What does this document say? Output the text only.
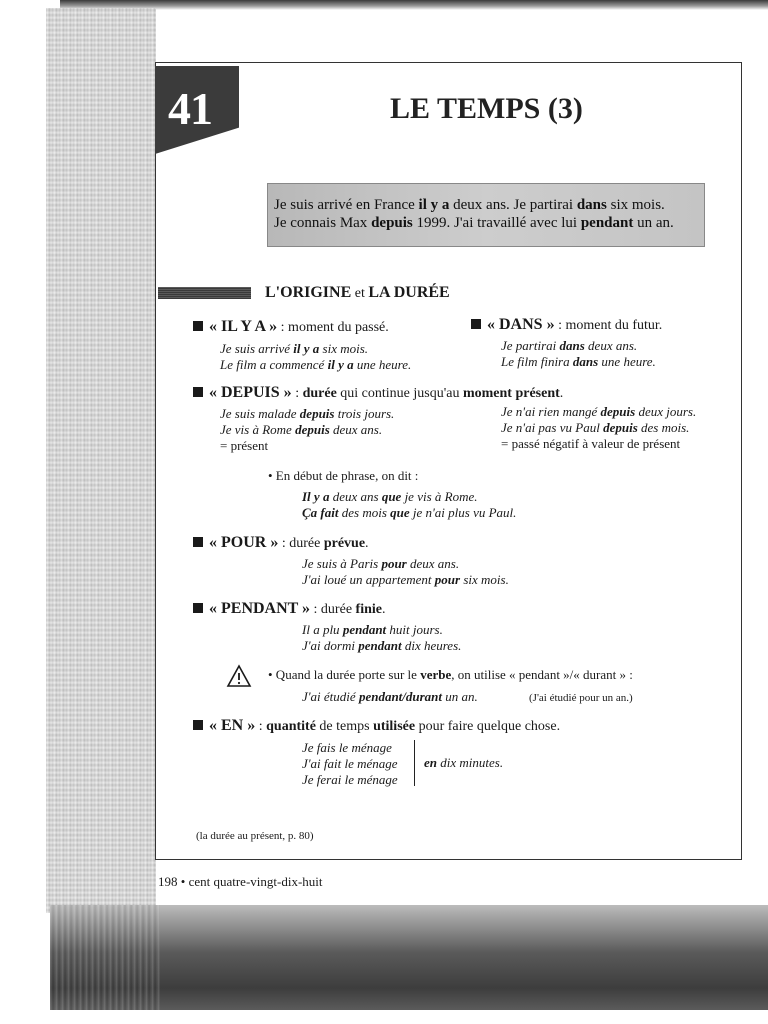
41	LE TEMPS (3)
Je suis arrivé en France il y a deux ans. Je partirai dans six mois.
Je connais Max depuis 1999. J'ai travaillé avec lui pendant un an.
L'ORIGINE et LA DURÉE
« IL Y A » : moment du passé.
Je suis arrivé il y a six mois.
Le film a commencé il y a une heure.
« DANS » : moment du futur.
Je partirai dans deux ans.
Le film finira dans une heure.
« DEPUIS » : durée qui continue jusqu'au moment présent.
Je suis malade depuis trois jours.
Je vis à Rome depuis deux ans.
= présent
Je n'ai rien mangé depuis deux jours.
Je n'ai pas vu Paul depuis des mois.
= passé négatif à valeur de présent
• En début de phrase, on dit :
Il y a deux ans que je vis à Rome.
Ça fait des mois que je n'ai plus vu Paul.
« POUR » : durée prévue.
Je suis à Paris pour deux ans.
J'ai loué un appartement pour six mois.
« PENDANT » : durée finie.
Il a plu pendant huit jours.
J'ai dormi pendant dix heures.
• Quand la durée porte sur le verbe, on utilise « pendant »/« durant » :
J'ai étudié pendant/durant un an.	(J'ai étudié pour un an.)
« EN » : quantité de temps utilisée pour faire quelque chose.
Je fais le ménage
J'ai fait le ménage
Je ferai le ménage
en dix minutes.
(la durée au présent, p. 80)
198 • cent quatre-vingt-dix-huit
